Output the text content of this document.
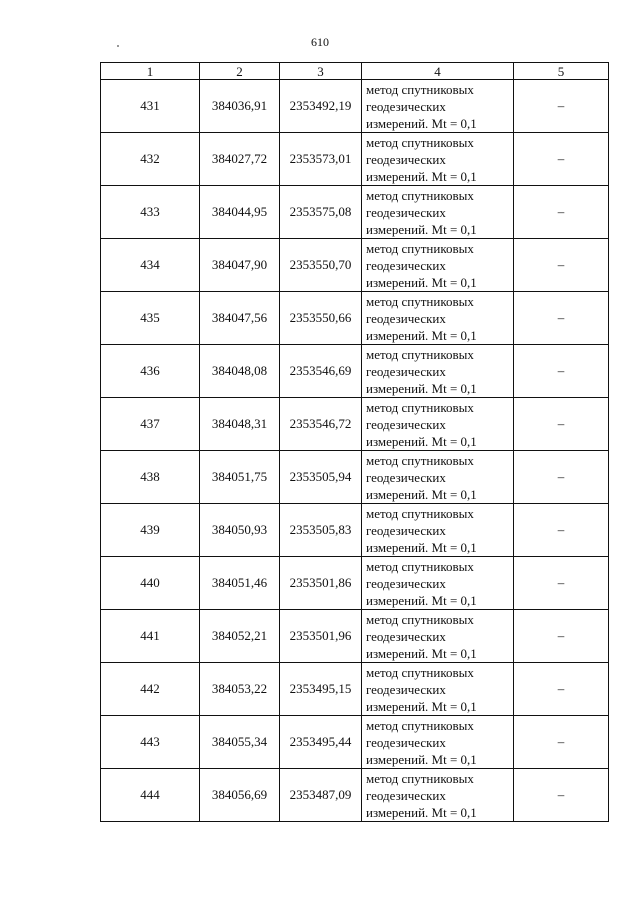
610
1	2	3	4	5
431	384036,91	2353492,19	метод спутниковых
геодезических
измерений. Mt = 0,1	–
432	384027,72	2353573,01	метод спутниковых
геодезических
измерений. Mt = 0,1	–
433	384044,95	2353575,08	метод спутниковых
геодезических
измерений. Mt = 0,1	–
434	384047,90	2353550,70	метод спутниковых
геодезических
измерений. Mt = 0,1	–
435	384047,56	2353550,66	метод спутниковых
геодезических
измерений. Mt = 0,1	–
436	384048,08	2353546,69	метод спутниковых
геодезических
измерений. Mt = 0,1	–
437	384048,31	2353546,72	метод спутниковых
геодезических
измерений. Mt = 0,1	–
438	384051,75	2353505,94	метод спутниковых
геодезических
измерений. Mt = 0,1	–
439	384050,93	2353505,83	метод спутниковых
геодезических
измерений. Mt = 0,1	–
440	384051,46	2353501,86	метод спутниковых
геодезических
измерений. Mt = 0,1	–
441	384052,21	2353501,96	метод спутниковых
геодезических
измерений. Mt = 0,1	–
442	384053,22	2353495,15	метод спутниковых
геодезических
измерений. Mt = 0,1	–
443	384055,34	2353495,44	метод спутниковых
геодезических
измерений. Mt = 0,1	–
444	384056,69	2353487,09	метод спутниковых
геодезических
измерений. Mt = 0,1	–
